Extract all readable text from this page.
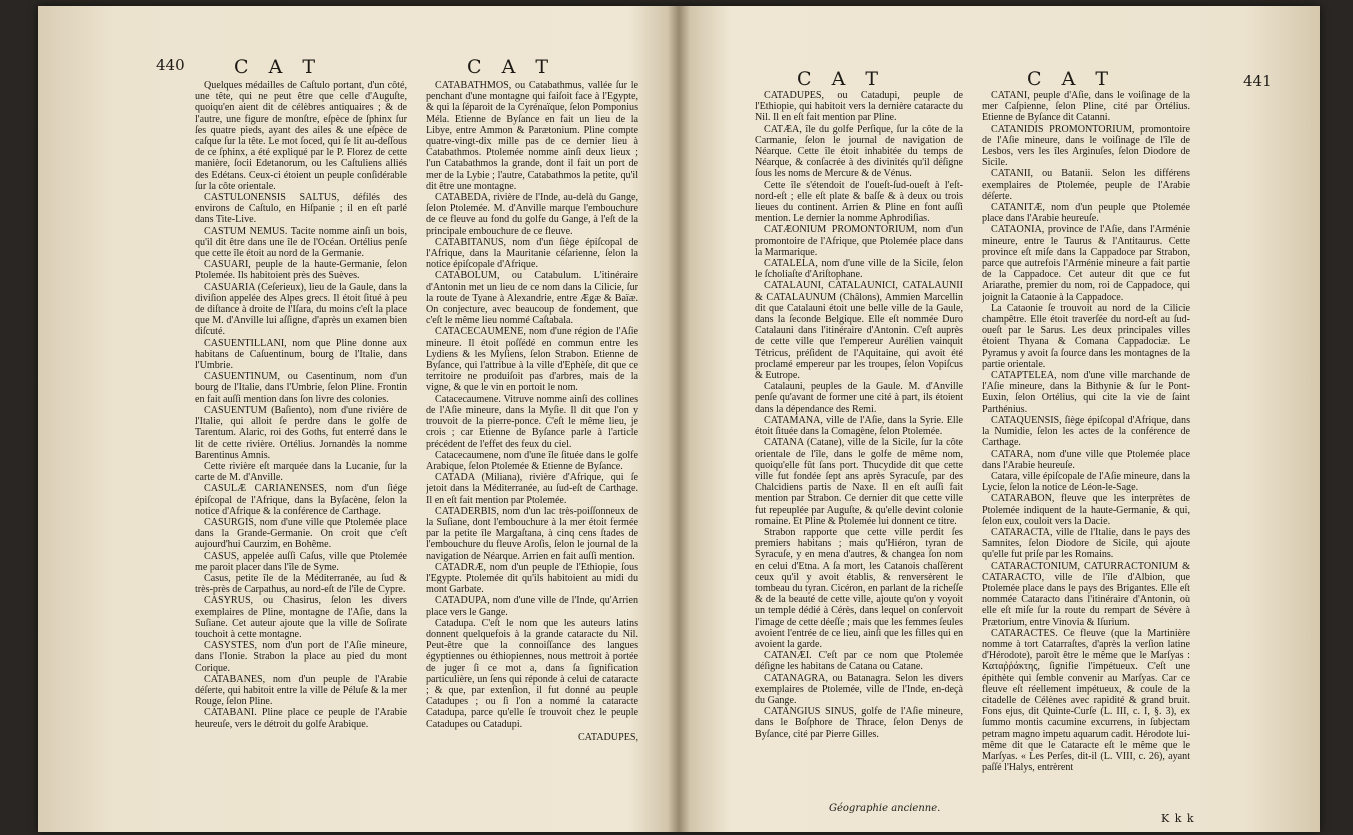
440	C A T	C A T

Quelques médailles de Caſtulo portant, d'un côté, une tête, qui ne peut être que celle d'Auguſte, quoiqu'en aient dit de célèbres antiquaires ; & de l'autre, une figure de monſtre, eſpèce de ſphinx ſur ſes quatre pieds, ayant des ailes & une eſpèce de caſque ſur la tête. Le mot ſoced, qui ſe lit au-deſſous de ce ſphinx, a été expliqué par le P. Florez de cette manière, ſocii Edetanorum, ou les Caſtuliens alliés des Edétans. Ceux-ci étoient un peuple conſidérable ſur la côte orientale.

CASTULONENSIS SALTUS, défilés des environs de Caſtulo, en Hiſpanie ; il en eſt parlé dans Tite-Live.

CASTUM NEMUS. Tacite nomme ainſi un bois, qu'il dit être dans une île de l'Océan. Ortélius penſe que cette île étoit au nord de la Germanie.

CASUARI, peuple de la haute-Germanie, ſelon Ptolemée. Ils habitoient près des Suèves.

CASUARIA (Ceſerieux), lieu de la Gaule, dans la diviſion appelée des Alpes grecs. Il étoit ſitué à peu de diſtance à droite de l'Iſara, du moins c'eſt la place que M. d'Anville lui aſſigne, d'après un examen bien diſcuté.

CASUENTILLANI, nom que Pline donne aux habitans de Caſuentinum, bourg de l'Italie, dans l'Umbrie.

CASUENTINUM, ou Casentinum, nom d'un bourg de l'Italie, dans l'Umbrie, ſelon Pline. Frontin en fait auſſi mention dans ſon livre des colonies.

CASUENTUM (Baſiento), nom d'une rivière de l'Italie, qui alloit ſe perdre dans le golfe de Tarentum. Alaric, roi des Goths, fut enterré dans le lit de cette rivière. Ortélius. Jornandès la nomme Barentinus Amnis.

Cette rivière eſt marquée dans la Lucanie, ſur la carte de M. d'Anville.

CASULÆ CARIANENSES, nom d'un ſiége épiſcopal de l'Afrique, dans la Byſacène, ſelon la notice d'Afrique & la conférence de Carthage.

CASURGIS, nom d'une ville que Ptolemée place dans la Grande-Germanie. On croit que c'eſt aujourd'hui Caurzim, en Bohême.

CASUS, appelée auſſi Caſus, ville que Ptolemée me paroit placer dans l'île de Syme.

Casus, petite île de la Méditerranée, au ſud & très-près de Carpathus, au nord-eſt de l'île de Cypre.

CASYRUS, ou Chasirus, ſelon les divers exemplaires de Pline, montagne de l'Aſie, dans la Suſiane. Cet auteur ajoute que la ville de Soſirate touchoit à cette montagne.

CASYSTES, nom d'un port de l'Aſie mineure, dans l'Ionie. Strabon la place au pied du mont Corique.

CATABANES, nom d'un peuple de l'Arabie déſerte, qui habitoit entre la ville de Péluſe & la mer Rouge, ſelon Pline.

CATABANI. Pline place ce peuple de l'Arabie heureuſe, vers le détroit du golfe Arabique.

CATABATHMOS, ou Catabathmus, vallée ſur le penchant d'une montagne qui faiſoit face à l'Egypte, & qui la ſéparoit de la Cyrénaïque, ſelon Pomponius Méla. Etienne de Byſance en fait un lieu de la Libye, entre Ammon & Parætonium. Pline compte quatre-vingt-dix mille pas de ce dernier lieu à Catabathmos. Ptolemée nomme ainſi deux lieux ; l'un Catabathmos la grande, dont il fait un port de mer de la Lybie ; l'autre, Catabathmos la petite, qu'il dit être une montagne.

CATABEDA, rivière de l'Inde, au-delà du Gange, ſelon Ptolemée. M. d'Anville marque l'embouchure de ce fleuve au fond du golfe du Gange, à l'eſt de la principale embouchure de ce fleuve.

CATABITANUS, nom d'un ſiège épiſcopal de l'Afrique, dans la Mauritanie céſarienne, ſelon la notice épiſcopale d'Afrique.

CATABOLUM, ou Catabulum. L'itinéraire d'Antonin met un lieu de ce nom dans la Cilicie, ſur la route de Tyane à Alexandrie, entre Ægæ & Baïæ. On conjecture, avec beaucoup de fondement, que c'eſt le même lieu nommé Caſtabala.

CATACECAUMENE, nom d'une région de l'Aſie mineure. Il étoit poſſédé en commun entre les Lydiens & les Myſiens, ſelon Strabon. Etienne de Byſance, qui l'attribue à la ville d'Ephèſe, dit que ce territoire ne produiſoit pas d'arbres, mais de la vigne, & que le vin en portoit le nom.

Catacecaumene. Vitruve nomme ainſi des collines de l'Aſie mineure, dans la Myſie. Il dit que l'on y trouvoit de la pierre-ponce. C'eſt le même lieu, je crois ; car Etienne de Byſance parle à l'article précédent de l'effet des feux du ciel.

Catacecaumene, nom d'une île ſituée dans le golfe Arabique, ſelon Ptolemée & Etienne de Byſance.

CATADA (Miliana), rivière d'Afrique, qui ſe jetoit dans la Méditerranée, au ſud-eſt de Carthage. Il en eſt fait mention par Ptolemée.

CATADERBIS, nom d'un lac très-poiſſonneux de la Suſiane, dont l'embouchure à la mer étoit fermée par la petite île Margaſtana, à cinq cens ſtades de l'embouchure du fleuve Aroſis, ſelon le journal de la navigation de Néarque. Arrien en fait auſſi mention.

CATADRÆ, nom d'un peuple de l'Ethiopie, ſous l'Egypte. Ptolemée dit qu'ils habitoient au midi du mont Garbate.

CATADUPA, nom d'une ville de l'Inde, qu'Arrien place vers le Gange.

Catadupa. C'eſt le nom que les auteurs latins donnent quelquefois à la grande cataracte du Nil. Peut-être que la connoiſſance des langues égyptiennes ou éthiopiennes, nous mettroit à portée de juger ſi ce mot a, dans ſa ſignification particulière, un ſens qui réponde à celui de cataracte ; & que, par extenſion, il fut donné au peuple Catadupes ; ou ſi l'on a nommé la cataracte Catadupa, parce qu'elle ſe trouvoit chez le peuple Catadupes ou Catadupi.

CATADUPES,

441
C A T	C A T

CATADUPES, ou Catadupi, peuple de l'Ethiopie, qui habitoit vers la dernière cataracte du Nil. Il en eſt fait mention par Pline.

CATÆA, île du golfe Perſique, ſur la côte de la Carmanie, ſelon le journal de navigation de Néarque. Cette île étoit inhabitée du temps de Néarque, & conſacrée à des divinités qu'il déſigne ſous les noms de Mercure & de Vénus.

Cette île s'étendoit de l'oueſt-ſud-oueſt à l'eſt-nord-eſt ; elle eſt plate & baſſe & à deux ou trois lieues du continent. Arrien & Pline en font auſſi mention. Le dernier la nomme Aphrodiſias.

CATÆONIUM PROMONTORIUM, nom d'un promontoire de l'Afrique, que Ptolemée place dans la Marmarique.

CATALELA, nom d'une ville de la Sicile, ſelon le ſcholiaſte d'Ariſtophane.

CATALAUNI, CATALAUNICI, CATALAUNII & CATALAUNUM (Châlons), Ammien Marcellin dit que Catalauni étoit une belle ville de la Gaule, dans la ſeconde Belgique. Elle eſt nommée Duro Catalauni dans l'itinéraire d'Antonin. C'eſt auprès de cette ville que l'empereur Aurélien vainquit Tétricus, préſident de l'Aquitaine, qui avoit été proclamé empereur par les troupes, ſelon Vopiſcus & Eutrope.

Catalauni, peuples de la Gaule. M. d'Anville penſe qu'avant de former une cité à part, ils étoient dans la dépendance des Remi.

CATAMANA, ville de l'Aſie, dans la Syrie. Elle étoit ſituée dans la Comagène, ſelon Ptolemée.

CATANA (Catane), ville de la Sicile, ſur la côte orientale de l'île, dans le golfe de même nom, quoiqu'elle fût ſans port. Thucydide dit que cette ville fut fondée ſept ans après Syracuſe, par des Chalcidiens partis de Naxe. Il en eſt auſſi fait mention par Strabon. Ce dernier dit que cette ville fut repeuplée par Auguſte, & qu'elle devint colonie romaine. Et Pline & Ptolemée lui donnent ce titre.

Strabon rapporte que cette ville perdit ſes premiers habitans ; mais qu'Hiéron, tyran de Syracuſe, y en mena d'autres, & changea ſon nom en celui d'Etna. A ſa mort, les Catanois chaſſèrent ceux qu'il y avoit établis, & renversèrent le tombeau du tyran. Cicéron, en parlant de la richeſſe & de la beauté de cette ville, ajoute qu'on y voyoit un temple dédié à Cérès, dans lequel on conſervoit l'image de cette déeſſe ; mais que les femmes ſeules avoient l'entrée de ce lieu, ainſi que les filles qui en avoient la garde.

CATANÆI. C'eſt par ce nom que Ptolemée déſigne les habitans de Catana ou Catane.

CATANAGRA, ou Batanagra. Selon les divers exemplaires de Ptolemée, ville de l'Inde, en-deçà du Gange.

CATANGIUS SINUS, golfe de l'Aſie mineure, dans le Boſphore de Thrace, ſelon Denys de Byſance, cité par Pierre Gilles.

CATANI, peuple d'Aſie, dans le voiſinage de la mer Caſpienne, ſelon Pline, cité par Ortélius. Etienne de Byſance dit Catanni.

CATANIDIS PROMONTORIUM, promontoire de l'Aſie mineure, dans le voiſinage de l'île de Lesbos, vers les îles Arginuſes, ſelon Diodore de Sicile.

CATANII, ou Batanii. Selon les différens exemplaires de Ptolemée, peuple de l'Arabie déſerte.

CATANITÆ, nom d'un peuple que Ptolemée place dans l'Arabie heureuſe.

CATAONIA, province de l'Aſie, dans l'Arménie mineure, entre le Taurus & l'Antitaurus. Cette province eſt miſe dans la Cappadoce par Strabon, parce que autrefois l'Arménie mineure a fait partie de la Cappadoce. Cet auteur dit que ce fut Ariarathe, premier du nom, roi de Cappadoce, qui joignit la Cataonie à la Cappadoce.

La Cataonie ſe trouvoit au nord de la Cilicie champêtre. Elle étoit traverſée du nord-eſt au ſud-oueſt par le Sarus. Les deux principales villes étoient Thyana & Comana Cappadociæ. Le Pyramus y avoit ſa ſource dans les montagnes de la partie orientale.

CATAPTELEA, nom d'une ville marchande de l'Aſie mineure, dans la Bithynie & ſur le Pont-Euxin, ſelon Ortélius, qui cite la vie de ſaint Parthénius.

CATAQUENSIS, ſiège épiſcopal d'Afrique, dans la Numidie, ſelon les actes de la conférence de Carthage.

CATARA, nom d'une ville que Ptolemée place dans l'Arabie heureuſe.

Catara, ville épiſcopale de l'Aſie mineure, dans la Lycie, ſelon la notice de Léon-le-Sage.

CATARABON, fleuve que les interprètes de Ptolemée indiquent de la haute-Germanie, & qui, ſelon eux, couloit vers la Dacie.

CATARACTA, ville de l'Italie, dans le pays des Samnites, ſelon Diodore de Sicile, qui ajoute qu'elle fut priſe par les Romains.

CATARACTONIUM, CATURRACTONIUM & CATARACTO, ville de l'île d'Albion, que Ptolemée place dans le pays des Brigantes. Elle eſt nommée Cataracto dans l'itinéraire d'Antonin, où elle eſt miſe ſur la route du rempart de Sévère à Prætorium, entre Vinovia & Iſurium.

CATARACTES. Ce fleuve (que la Martinière nomme à tort Catarraſtes, d'après la verſion latine d'Hérodote), paroît être le même que le Marſyas : Καταῤῥάκτης, ſignifie l'impétueux. C'eſt une épithète qui ſemble convenir au Marſyas. Car ce fleuve eſt réellement impétueux, & coule de la citadelle de Célènes avec rapidité & grand bruit. Fons ejus, dit Quinte-Curſe (L. III, c. I, §. 3), ex ſummo montis cacumine excurrens, in ſubjectam petram magno impetu aquarum cadit. Hérodote lui-même dit que le Cataracte eſt le même que le Marſyas. « Les Perſes, dit-il (L. VIII, c. 26), ayant paſſé l'Halys, entrèrent

Géographie ancienne.
K k k
